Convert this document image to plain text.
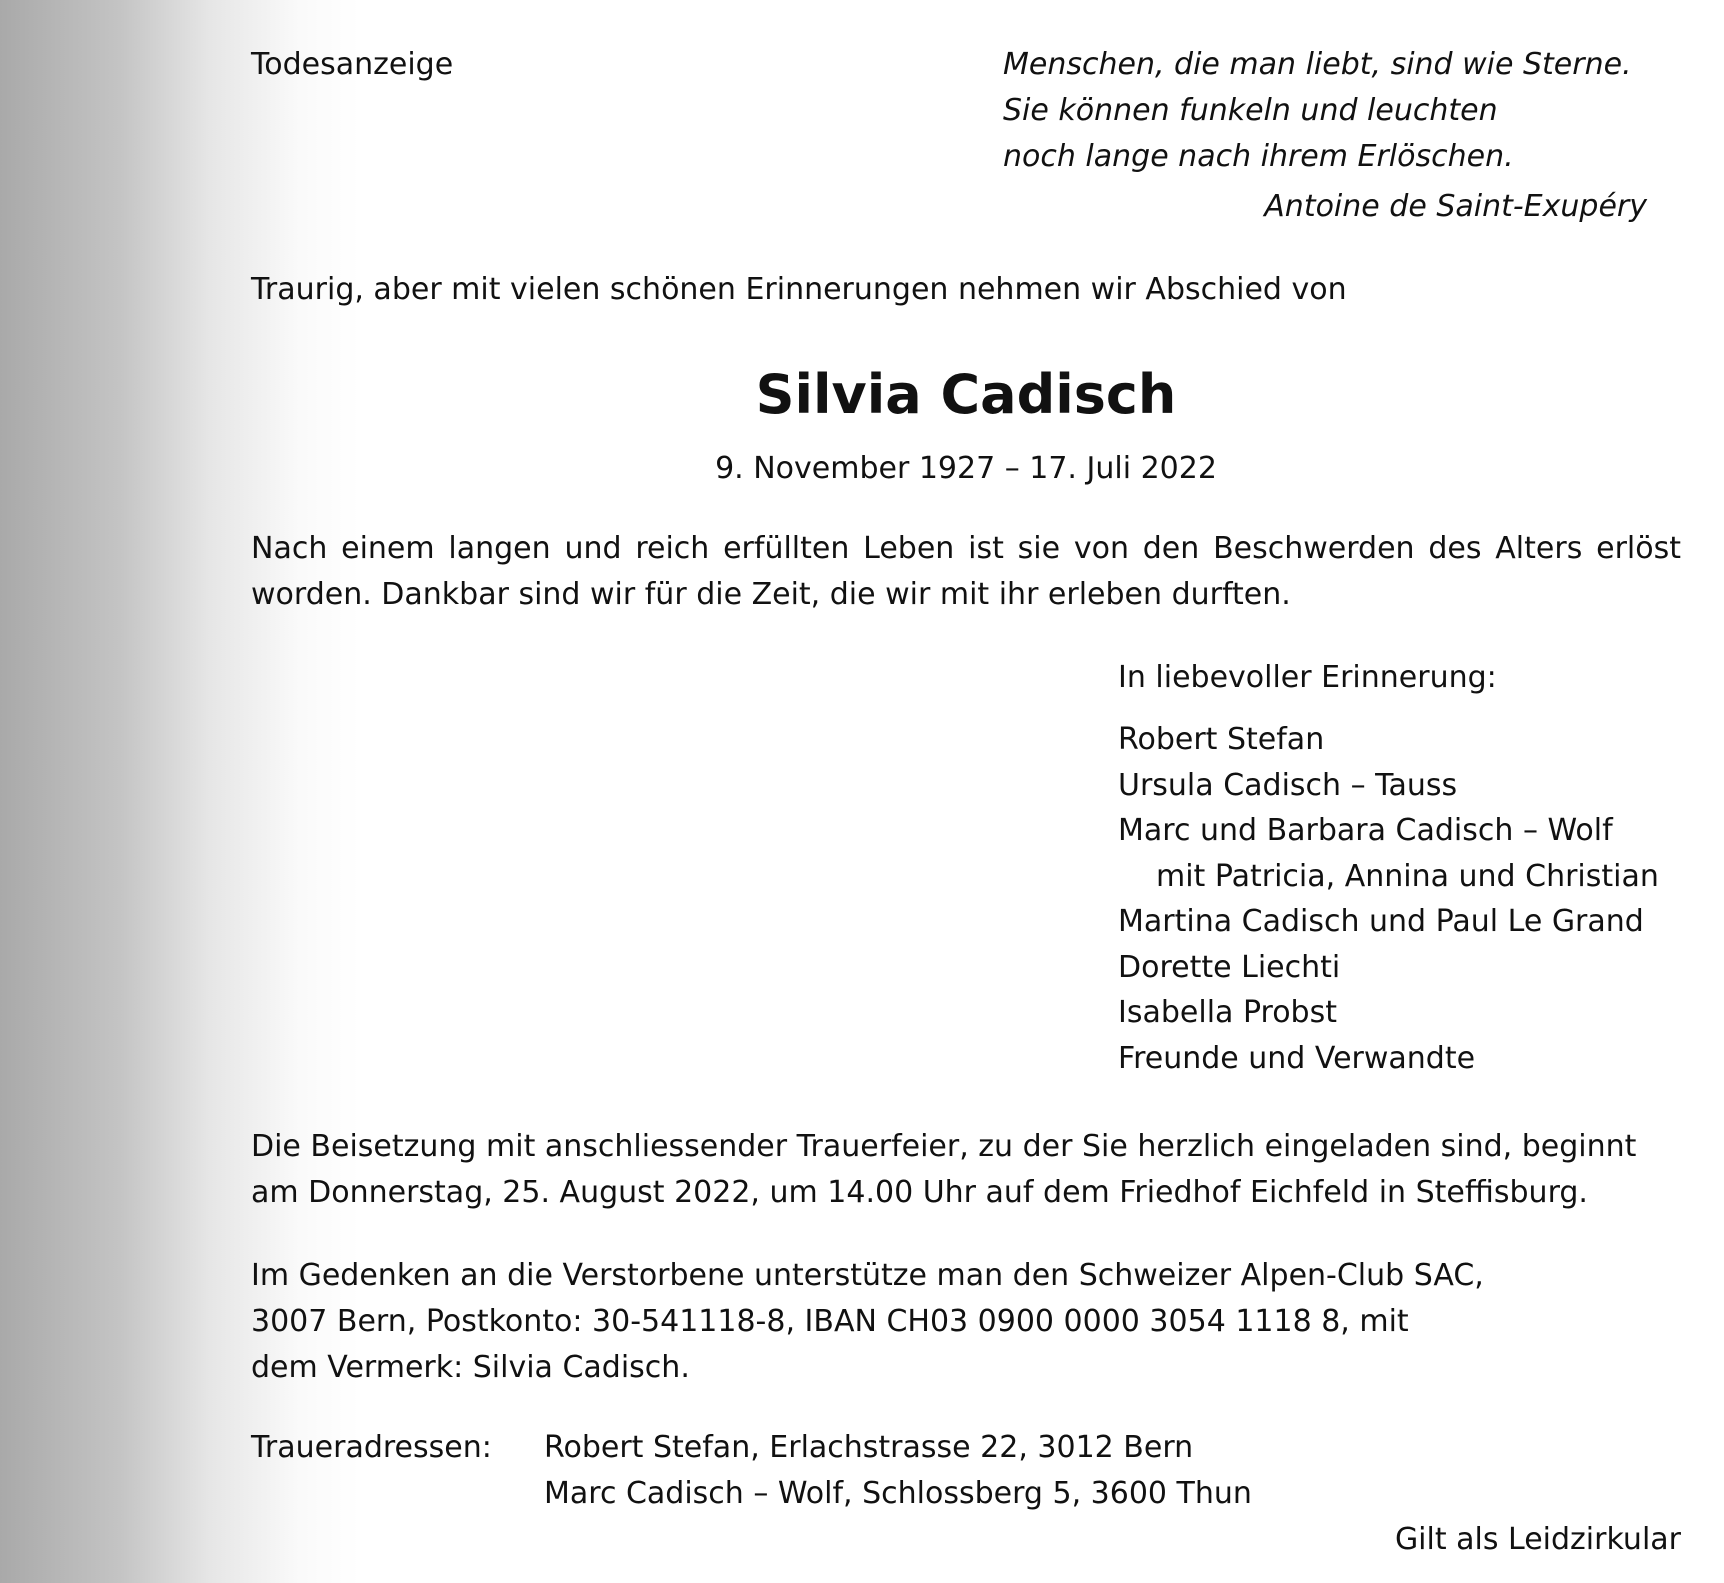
Todesanzeige	Menschen, die man liebt, sind wie Sterne.
Sie können funkeln und leuchten
noch lange nach ihrem Erlöschen.
Antoine de Saint-Exupéry
Traurig, aber mit vielen schönen Erinnerungen nehmen wir Abschied von
Silvia Cadisch
9. November 1927 – 17. Juli 2022
Nach einem langen und reich erfüllten Leben ist sie von den Beschwerden des Alters erlöst worden. Dankbar sind wir für die Zeit, die wir mit ihr erleben durften.
In liebevoller Erinnerung:
Robert Stefan
Ursula Cadisch – Tauss
Marc und Barbara Cadisch – Wolf
mit Patricia, Annina und Christian
Martina Cadisch und Paul Le Grand
Dorette Liechti
Isabella Probst
Freunde und Verwandte
Die Beisetzung mit anschliessender Trauerfeier, zu der Sie herzlich eingeladen sind, beginnt
am Donnerstag, 25. August 2022, um 14.00 Uhr auf dem Friedhof Eichfeld in Steffisburg.
Im Gedenken an die Verstorbene unterstütze man den Schweizer Alpen-Club SAC,
3007 Bern, Postkonto: 30-541118-8, IBAN CH03 0900 0000 3054 1118 8, mit
dem Vermerk: Silvia Cadisch.
Traueradressen: Robert Stefan, Erlachstrasse 22, 3012 Bern
Marc Cadisch – Wolf, Schlossberg 5, 3600 Thun
Gilt als Leidzirkular
